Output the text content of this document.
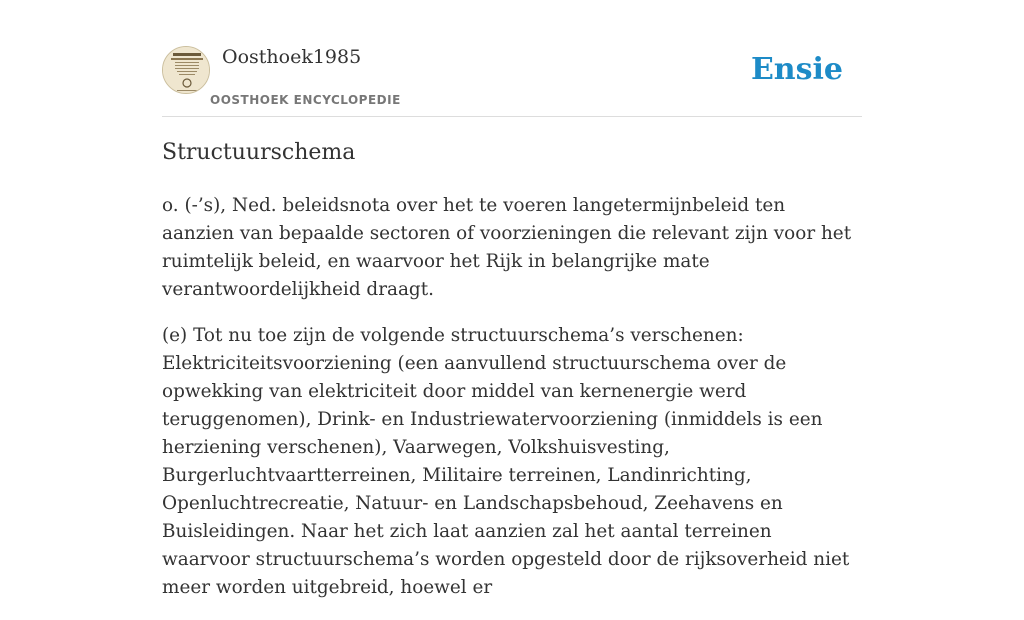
Oosthoek1985
OOSTHOEK ENCYCLOPEDIE
Ensie
Structuurschema

o. (-’s), Ned. beleidsnota over het te voeren langetermijnbeleid ten aanzien van bepaalde sectoren of voorzieningen die relevant zijn voor het ruimtelijk beleid, en waarvoor het Rijk in belangrijke mate verantwoordelijkheid draagt.

(e) Tot nu toe zijn de volgende structuurschema’s verschenen: Elektriciteitsvoorziening (een aanvullend structuurschema over de opwekking van elektriciteit door middel van kernenergie werd teruggenomen), Drink- en Industriewatervoorziening (inmiddels is een herziening verschenen), Vaarwegen, Volkshuisvesting, Burgerluchtvaartterreinen, Militaire terreinen, Landinrichting, Openluchtrecreatie, Natuur- en Landschapsbehoud, Zeehavens en Buisleidingen. Naar het zich laat aanzien zal het aantal terreinen waarvoor structuurschema’s worden opgesteld door de rijksoverheid niet meer worden uitgebreid, hoewel er
